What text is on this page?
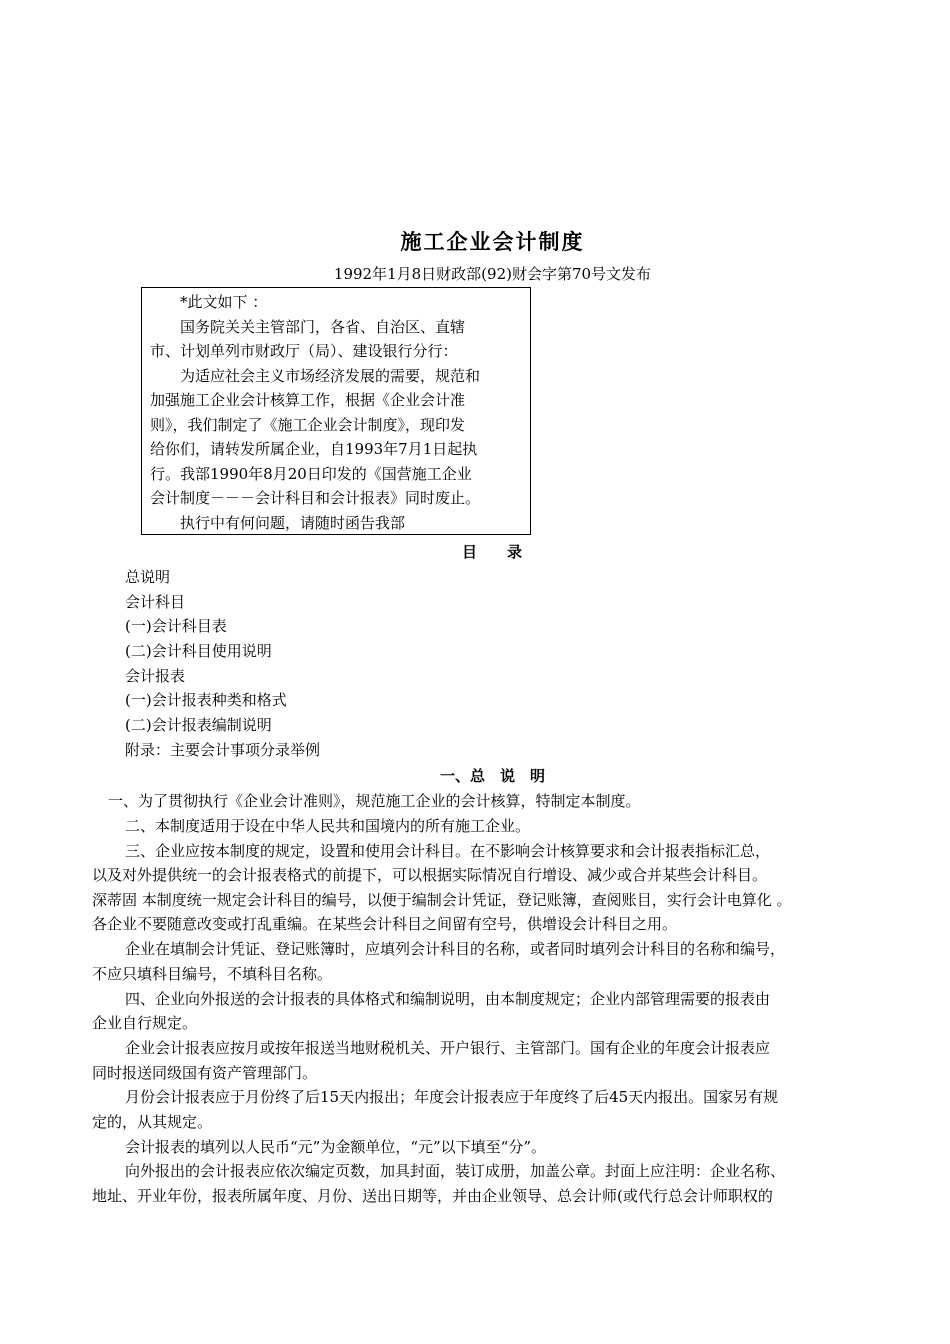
施工企业会计制度
1992年1月8日财政部(92)财会字第70号文发布
　　*此文如下 ：
　　国务院关关主管部门，各省、自治区、直辖
市、计划单列市财政厅（局）、建设银行分行：
　　为适应社会主义市场经济发展的需要，规范和
加强施工企业会计核算工作，根据《企业会计准
则》，我们制定了《施工企业会计制度》，现印发
给你们，请转发所属企业，自1993年7月1日起执
行。我部1990年8月20日印发的《国营施工企业
会计制度－－－会计科目和会计报表》同时废止。
　　执行中有何问题，请随时函告我部
目　　录
总说明
会计科目
(一)会计科目表
(二)会计科目使用说明
会计报表
(一)会计报表种类和格式
(二)会计报表编制说明
附录：主要会计事项分录举例
一、总　说　明
一、为了贯彻执行《企业会计准则》，规范施工企业的会计核算，特制定本制度。
二、本制度适用于设在中华人民共和国境内的所有施工企业。
三、企业应按本制度的规定，设置和使用会计科目。在不影响会计核算要求和会计报表指标汇总，
以及对外提供统一的会计报表格式的前提下，可以根据实际情况自行增设、减少或合并某些会计科目。
深蒂固 本制度统一规定会计科目的编号，以便于编制会计凭证，登记账簿，查阅账目，实行会计电算化 。
各企业不要随意改变或打乱重编。在某些会计科目之间留有空号，供增设会计科目之用。
企业在填制会计凭证、登记账簿时，应填列会计科目的名称，或者同时填列会计科目的名称和编号，
不应只填科目编号，不填科目名称。
四、企业向外报送的会计报表的具体格式和编制说明，由本制度规定；企业内部管理需要的报表由
企业自行规定。
企业会计报表应按月或按年报送当地财税机关、开户银行、主管部门。国有企业的年度会计报表应
同时报送同级国有资产管理部门。
月份会计报表应于月份终了后15天内报出；年度会计报表应于年度终了后45天内报出。国家另有规
定的，从其规定。
会计报表的填列以人民币“元”为金额单位，“元”以下填至“分”。
向外报出的会计报表应依次编定页数，加具封面，装订成册，加盖公章。封面上应注明：企业名称、
地址、开业年份，报表所属年度、月份、送出日期等，并由企业领导、总会计师(或代行总会计师职权的
